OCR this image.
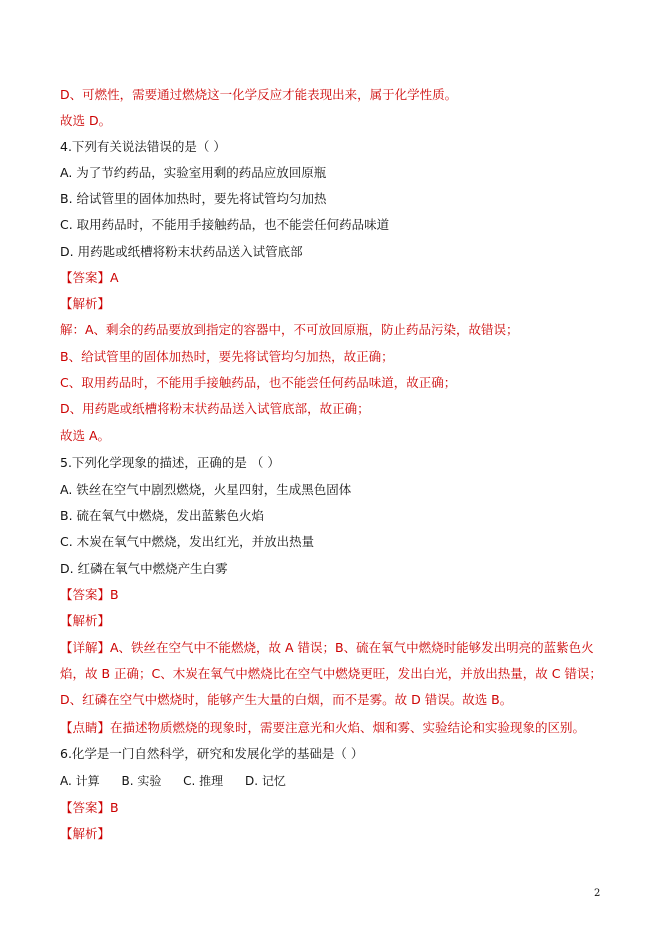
D、可燃性，需要通过燃烧这一化学反应才能表现出来，属于化学性质。
故选 D。
4.下列有关说法错误的是（ ）
A. 为了节约药品，实验室用剩的药品应放回原瓶
B. 给试管里的固体加热时，要先将试管均匀加热
C. 取用药品时，不能用手接触药品，也不能尝任何药品味道
D. 用药匙或纸槽将粉末状药品送入试管底部
【答案】A
【解析】
解：A、剩余的药品要放到指定的容器中，不可放回原瓶，防止药品污染，故错误；
B、给试管里的固体加热时，要先将试管均匀加热，故正确；
C、取用药品时，不能用手接触药品，也不能尝任何药品味道，故正确；
D、用药匙或纸槽将粉末状药品送入试管底部，故正确；
故选 A。
5.下列化学现象的描述，正确的是 （ ）
A. 铁丝在空气中剧烈燃烧，火星四射，生成黑色固体
B. 硫在氧气中燃烧，发出蓝紫色火焰
C. 木炭在氧气中燃烧，发出红光，并放出热量
D. 红磷在氧气中燃烧产生白雾
【答案】B
【解析】
【详解】A、铁丝在空气中不能燃烧，故 A 错误；B、硫在氧气中燃烧时能够发出明亮的蓝紫色火焰，故 B 正确；C、木炭在氧气中燃烧比在空气中燃烧更旺，发出白光，并放出热量，故 C 错误；D、红磷在空气中燃烧时，能够产生大量的白烟，而不是雾。故 D 错误。故选 B。
【点睛】在描述物质燃烧的现象时，需要注意光和火焰、烟和雾、实验结论和实验现象的区别。
6.化学是一门自然科学，研究和发展化学的基础是（ ）
A. 计算 B. 实验 C. 推理 D. 记忆
【答案】B
【解析】
2
